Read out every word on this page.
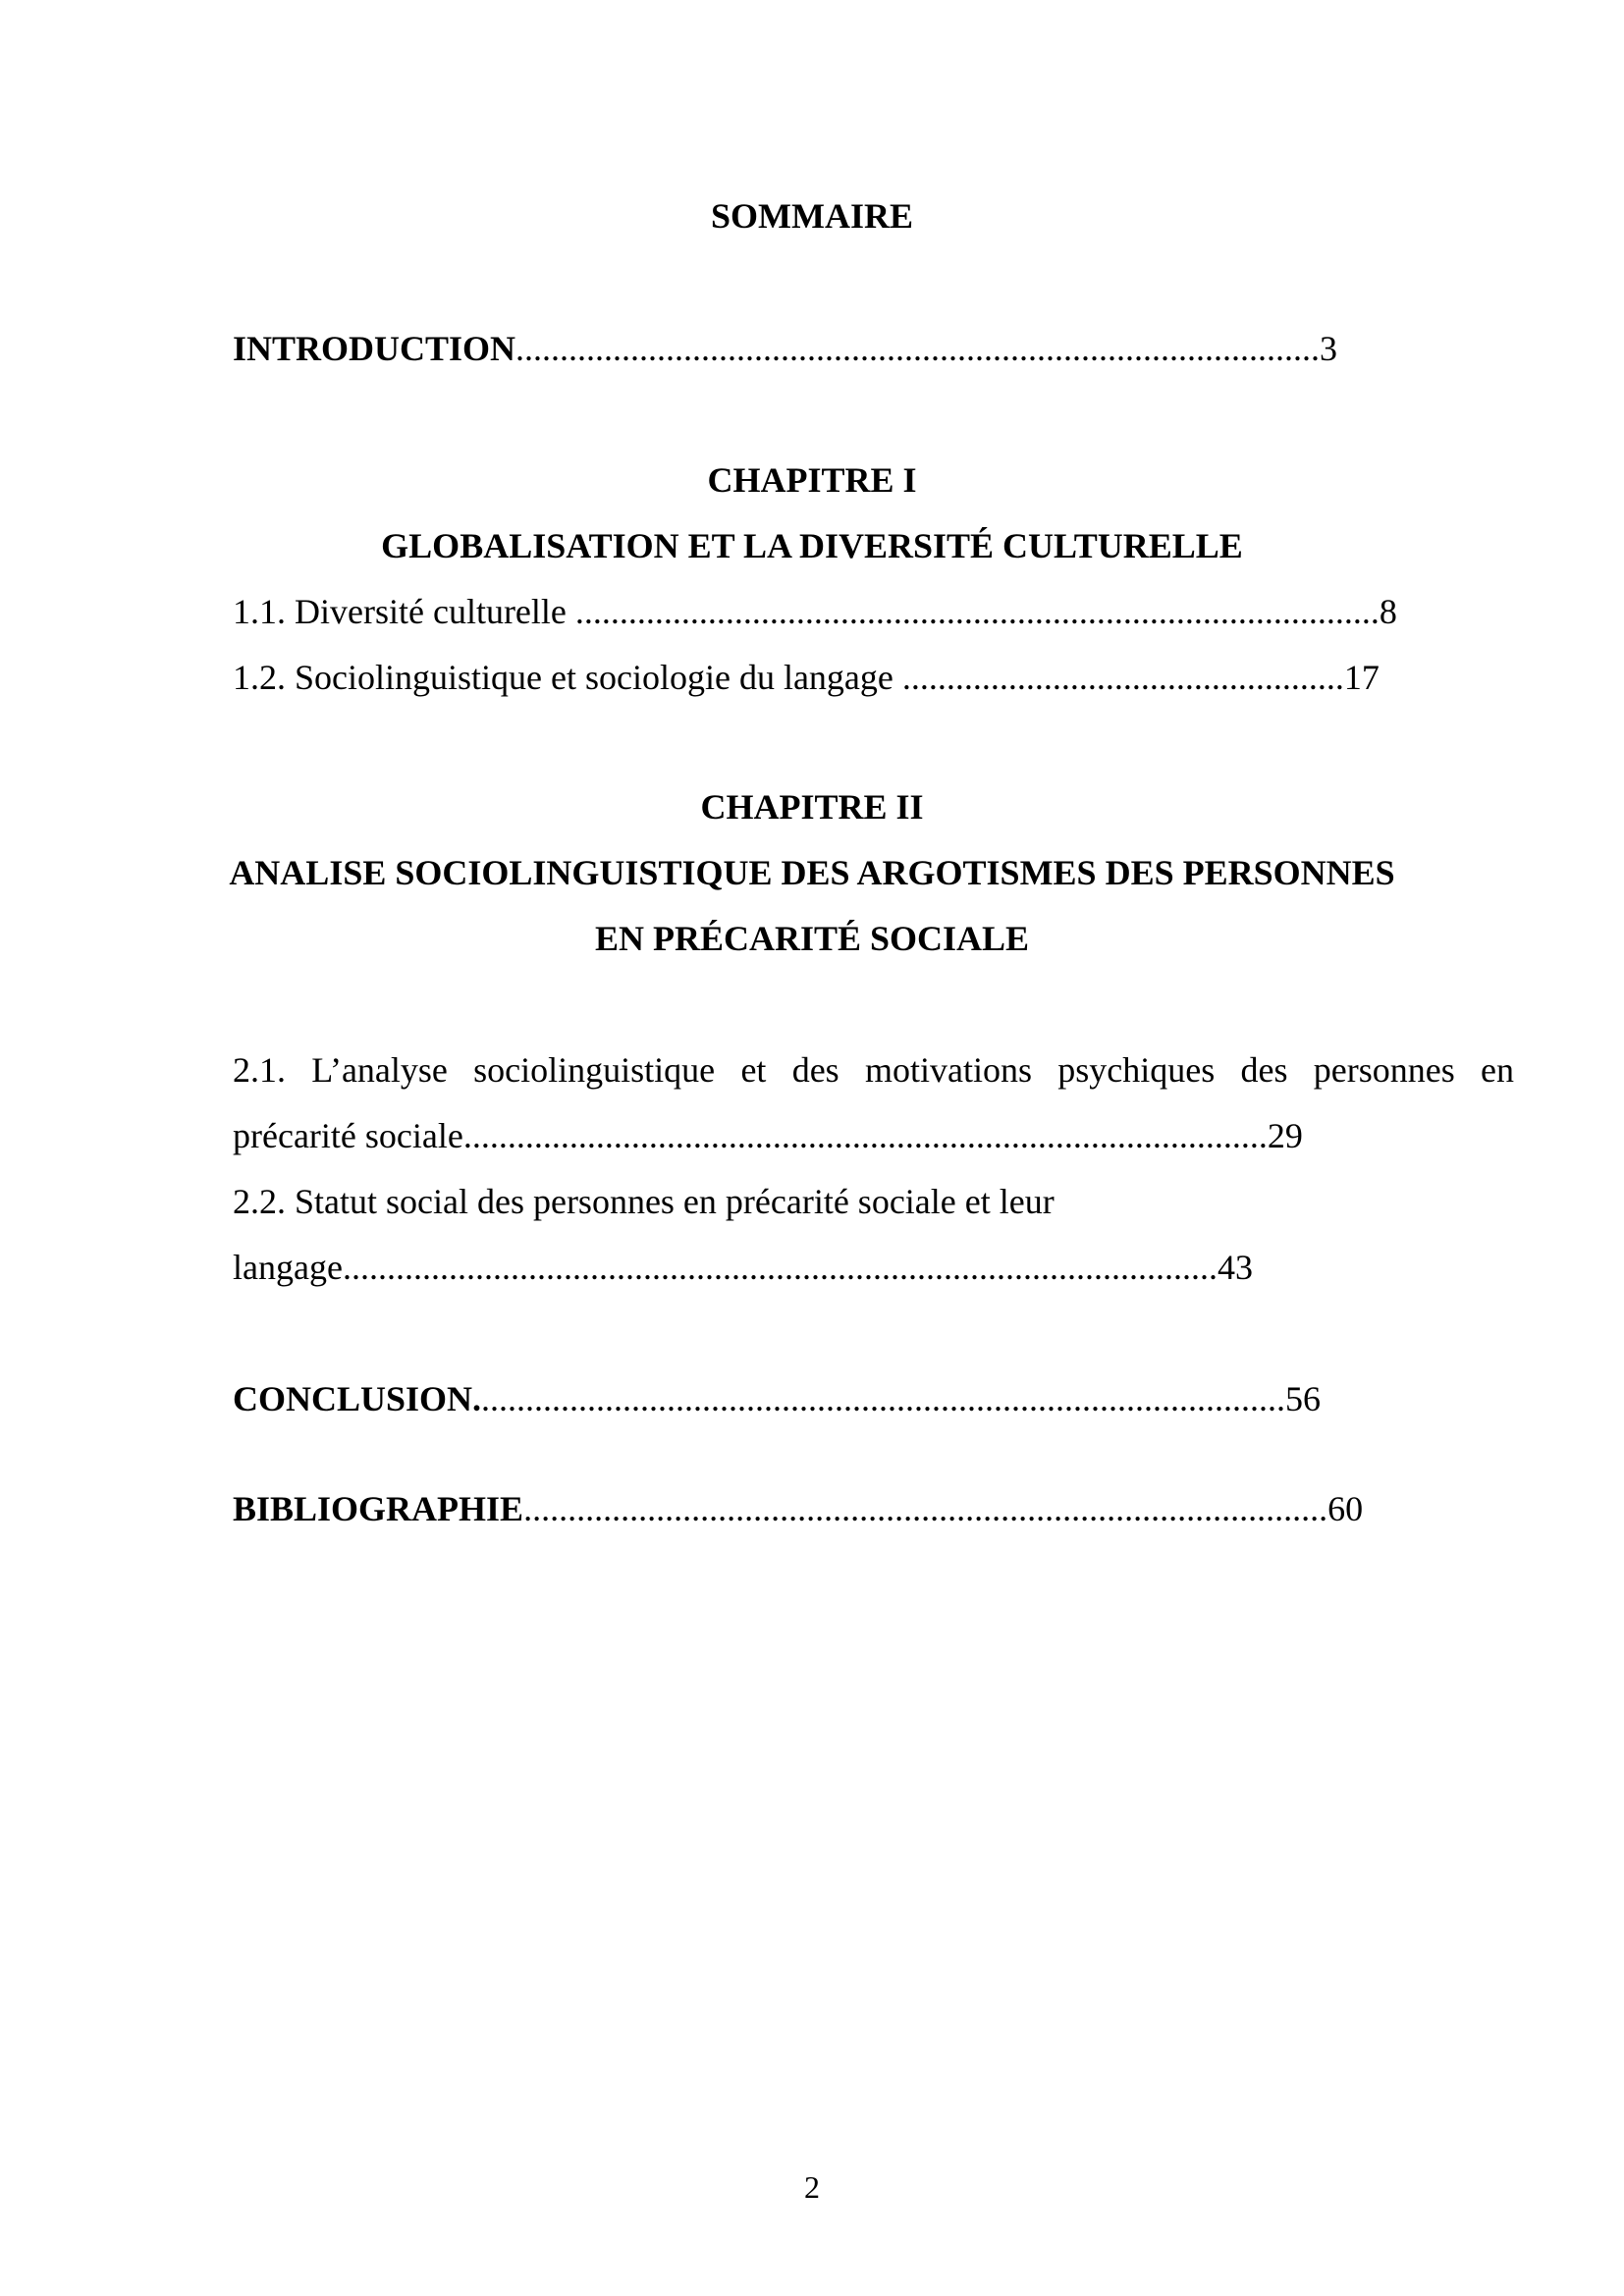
SOMMAIRE
INTRODUCTION...........................................................................................3
CHAPITRE I
GLOBALISATION ET LA DIVERSITÉ CULTURELLE
1.1. Diversité culturelle ...........................................................................................8
1.2. Sociolinguistique et sociologie du langage ..................................................17
CHAPITRE II
ANALISE SOCIOLINGUISTIQUE DES ARGOTISMES DES PERSONNES
EN PRÉCARITÉ SOCIALE
2.1. L’analyse sociolinguistique et des motivations psychiques des personnes en
précarité sociale...........................................................................................29
2.2. Statut social des personnes en précarité sociale et leur
langage...................................................................................................43
CONCLUSION............................................................................................56
BIBLIOGRAPHIE...........................................................................................60
2
